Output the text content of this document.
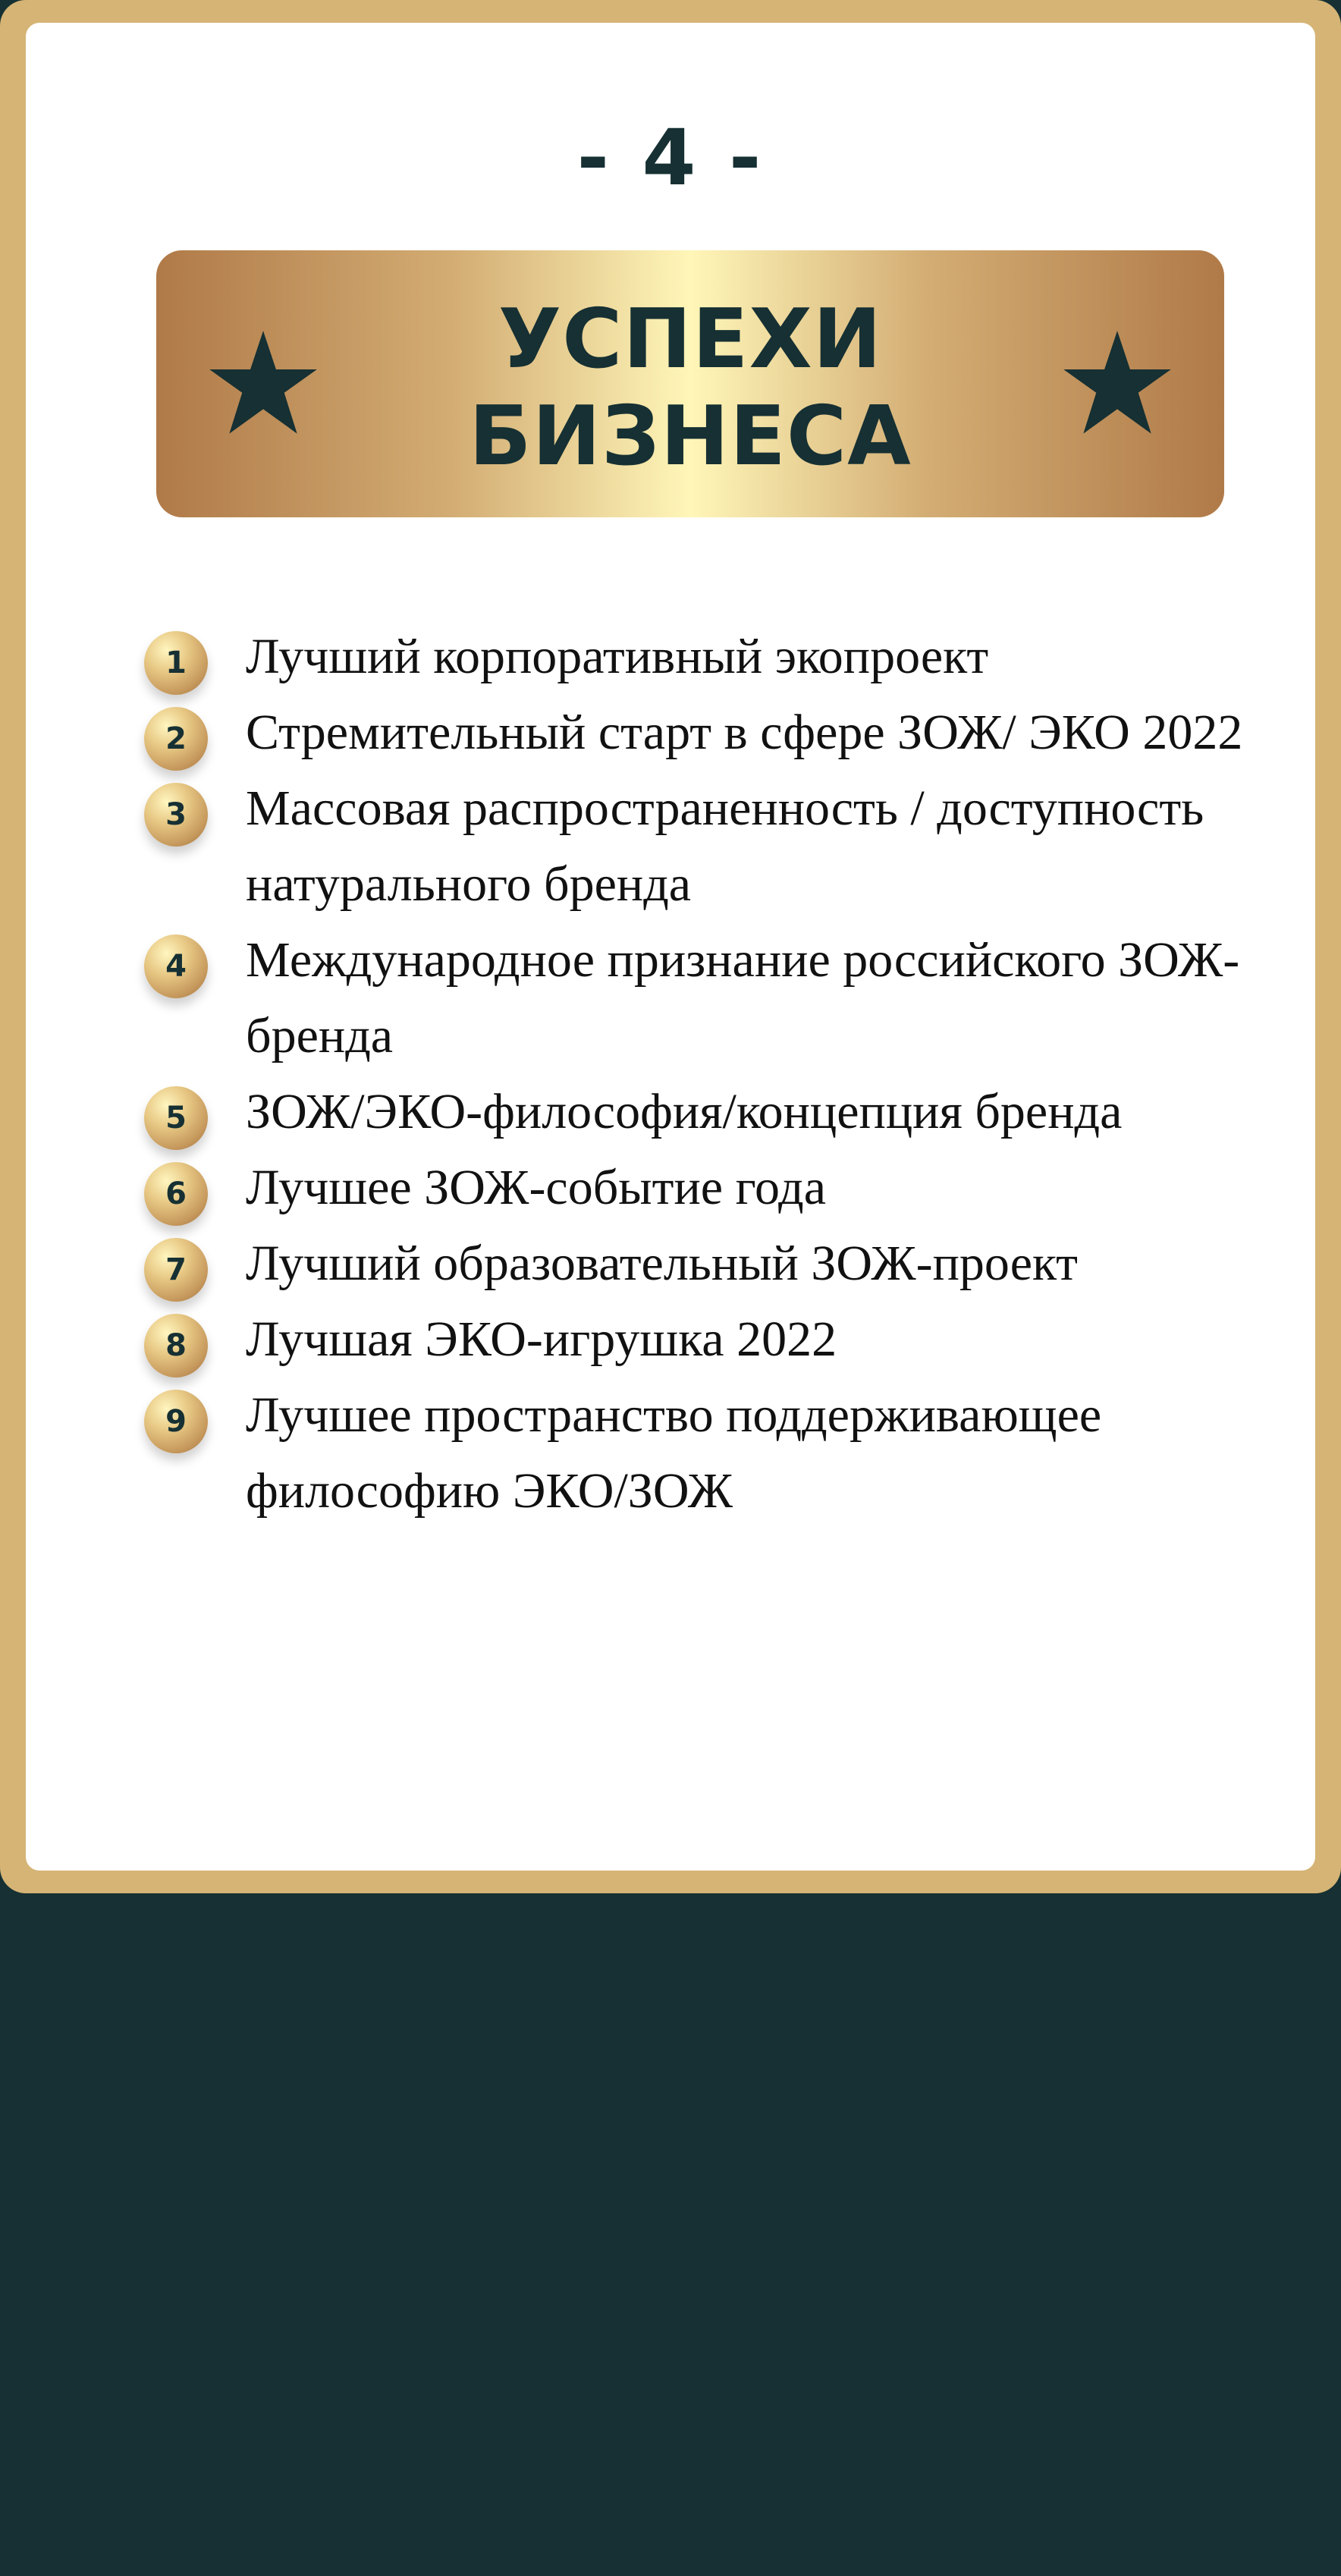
- 4 -
УСПЕХИ
БИЗНЕСА
1	Лучший корпоративный экопроект
2	Стремительный старт в сфере ЗОЖ/ ЭКО 2022
3	Массовая распространенность / доступность натурального бренда
4	Международное признание российского ЗОЖ-бренда
5	ЗОЖ/ЭКО-философия/концепция бренда
6	Лучшее ЗОЖ-событие года
7	Лучший образовательный ЗОЖ-проект
8	Лучшая ЭКО-игрушка 2022
9	Лучшее пространство поддерживающее философию ЭКО/ЗОЖ
